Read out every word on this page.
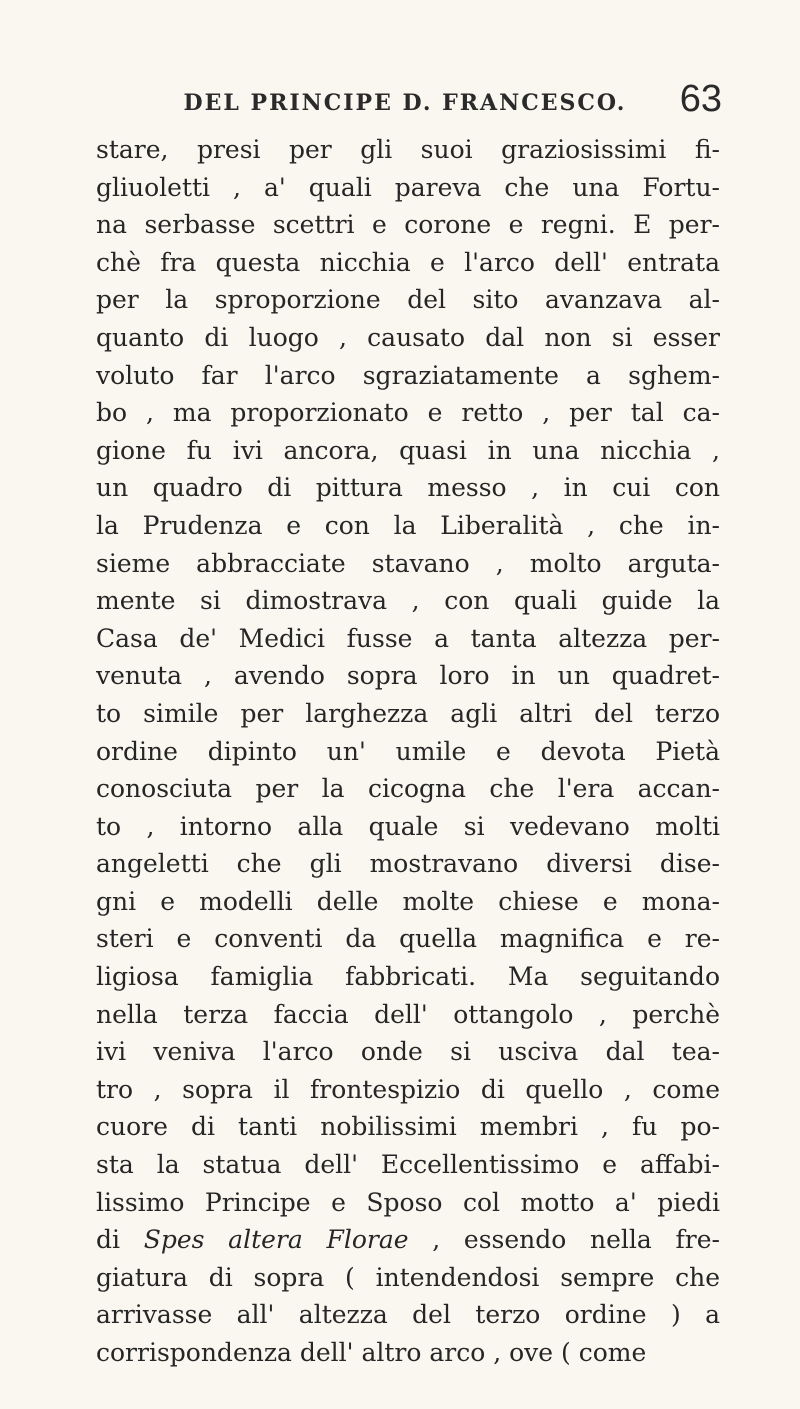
DEL PRINCIPE D. FRANCESCO.	63
stare, presi per gli suoi graziosissimi fi-
gliuoletti , a' quali pareva che una Fortu-
na serbasse scettri e corone e regni. E per-
chè fra questa nicchia e l'arco dell' entrata
per la sproporzione del sito avanzava al-
quanto di luogo , causato dal non si esser
voluto far l'arco sgraziatamente a sghem-
bo , ma proporzionato e retto , per tal ca-
gione fu ivi ancora, quasi in una nicchia ,
un quadro di pittura messo , in cui con
la Prudenza e con la Liberalità , che in-
sieme abbracciate stavano , molto arguta-
mente si dimostrava , con quali guide la
Casa de' Medici fusse a tanta altezza per-
venuta , avendo sopra loro in un quadret-
to simile per larghezza agli altri del terzo
ordine dipinto un' umile e devota Pietà
conosciuta per la cicogna che l'era accan-
to , intorno alla quale si vedevano molti
angeletti che gli mostravano diversi dise-
gni e modelli delle molte chiese e mona-
steri e conventi da quella magnifica e re-
ligiosa famiglia fabbricati. Ma seguitando
nella terza faccia dell' ottangolo , perchè
ivi veniva l'arco onde si usciva dal tea-
tro , sopra il frontespizio di quello , come
cuore di tanti nobilissimi membri , fu po-
sta la statua dell' Eccellentissimo e affabi-
lissimo Principe e Sposo col motto a' piedi
di Spes altera Florae , essendo nella fre-
giatura di sopra ( intendendosi sempre che
arrivasse all' altezza del terzo ordine ) a
corrispondenza dell' altro arco , ove ( come
